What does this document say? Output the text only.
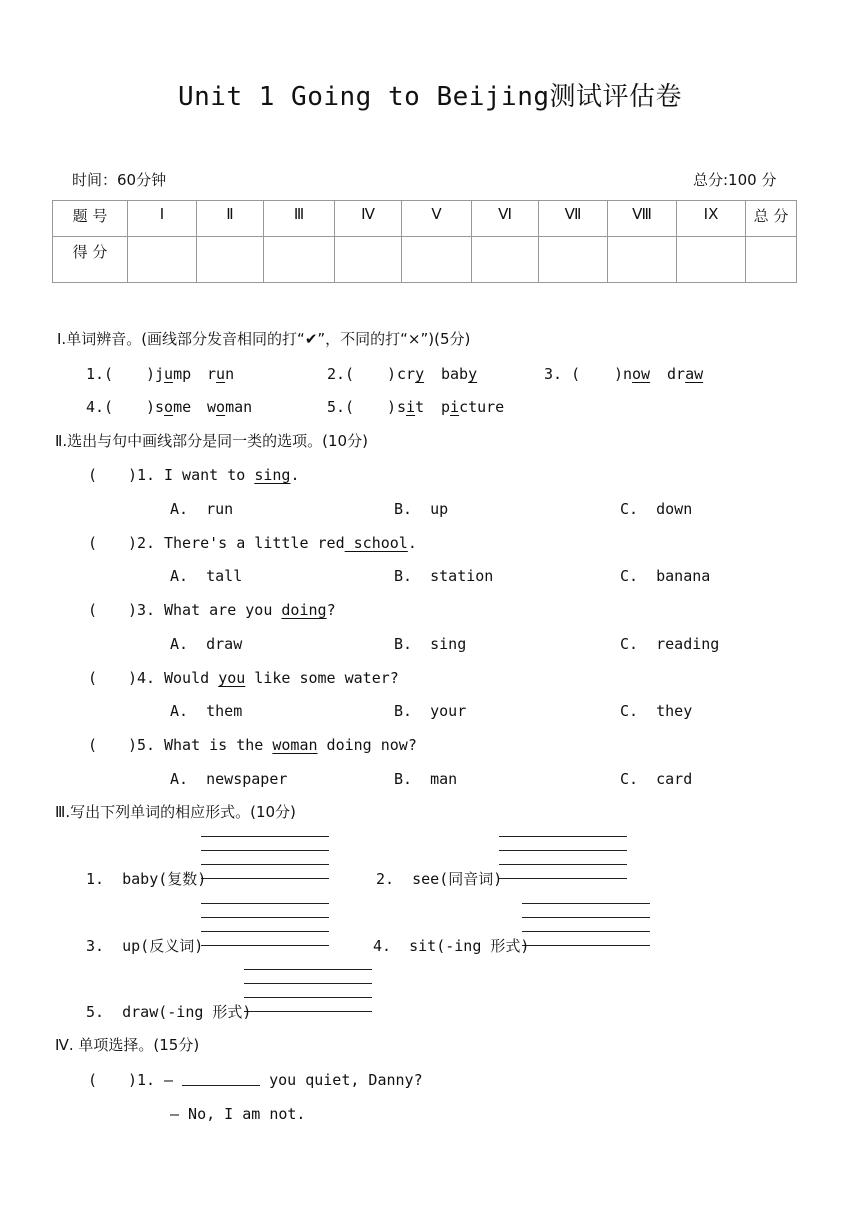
Unit 1 Going to Beijing测试评估卷
时间：60分钟	总分:100 分
题 号	Ⅰ	Ⅱ	Ⅲ	Ⅳ	Ⅴ	Ⅵ	Ⅶ	Ⅷ	ⅠX	总 分
得 分										
Ⅰ.单词辨音。(画线部分发音相同的打“✔”，不同的打“×”)(5分)
1.( ) jump run	2.( ) cry baby	3. ( ) now draw
4.( ) some woman	5.( ) sit picture
Ⅱ.选出与句中画线部分是同一类的选项。(10分)
( )1. I want to sing.
A.  run	B.  up	C.  down
( )2. There's a little red school.
A.  tall	B.  station	C.  banana
( )3. What are you doing?
A.  draw	B.  sing	C.  reading
( )4. Would you like some water?
A.  them	B.  your	C.  they
( )5. What is the woman doing now?
A.  newspaper	B.  man	C.  card
Ⅲ.写出下列单词的相应形式。(10分)
1.  baby(复数)	2.  see(同音词)
3.  up(反义词)	4.  sit(-ing 形式)
5.  draw(-ing 形式)
Ⅳ. 单项选择。(15分)
( )1. —	you quiet, Danny?
— No, I am not.
